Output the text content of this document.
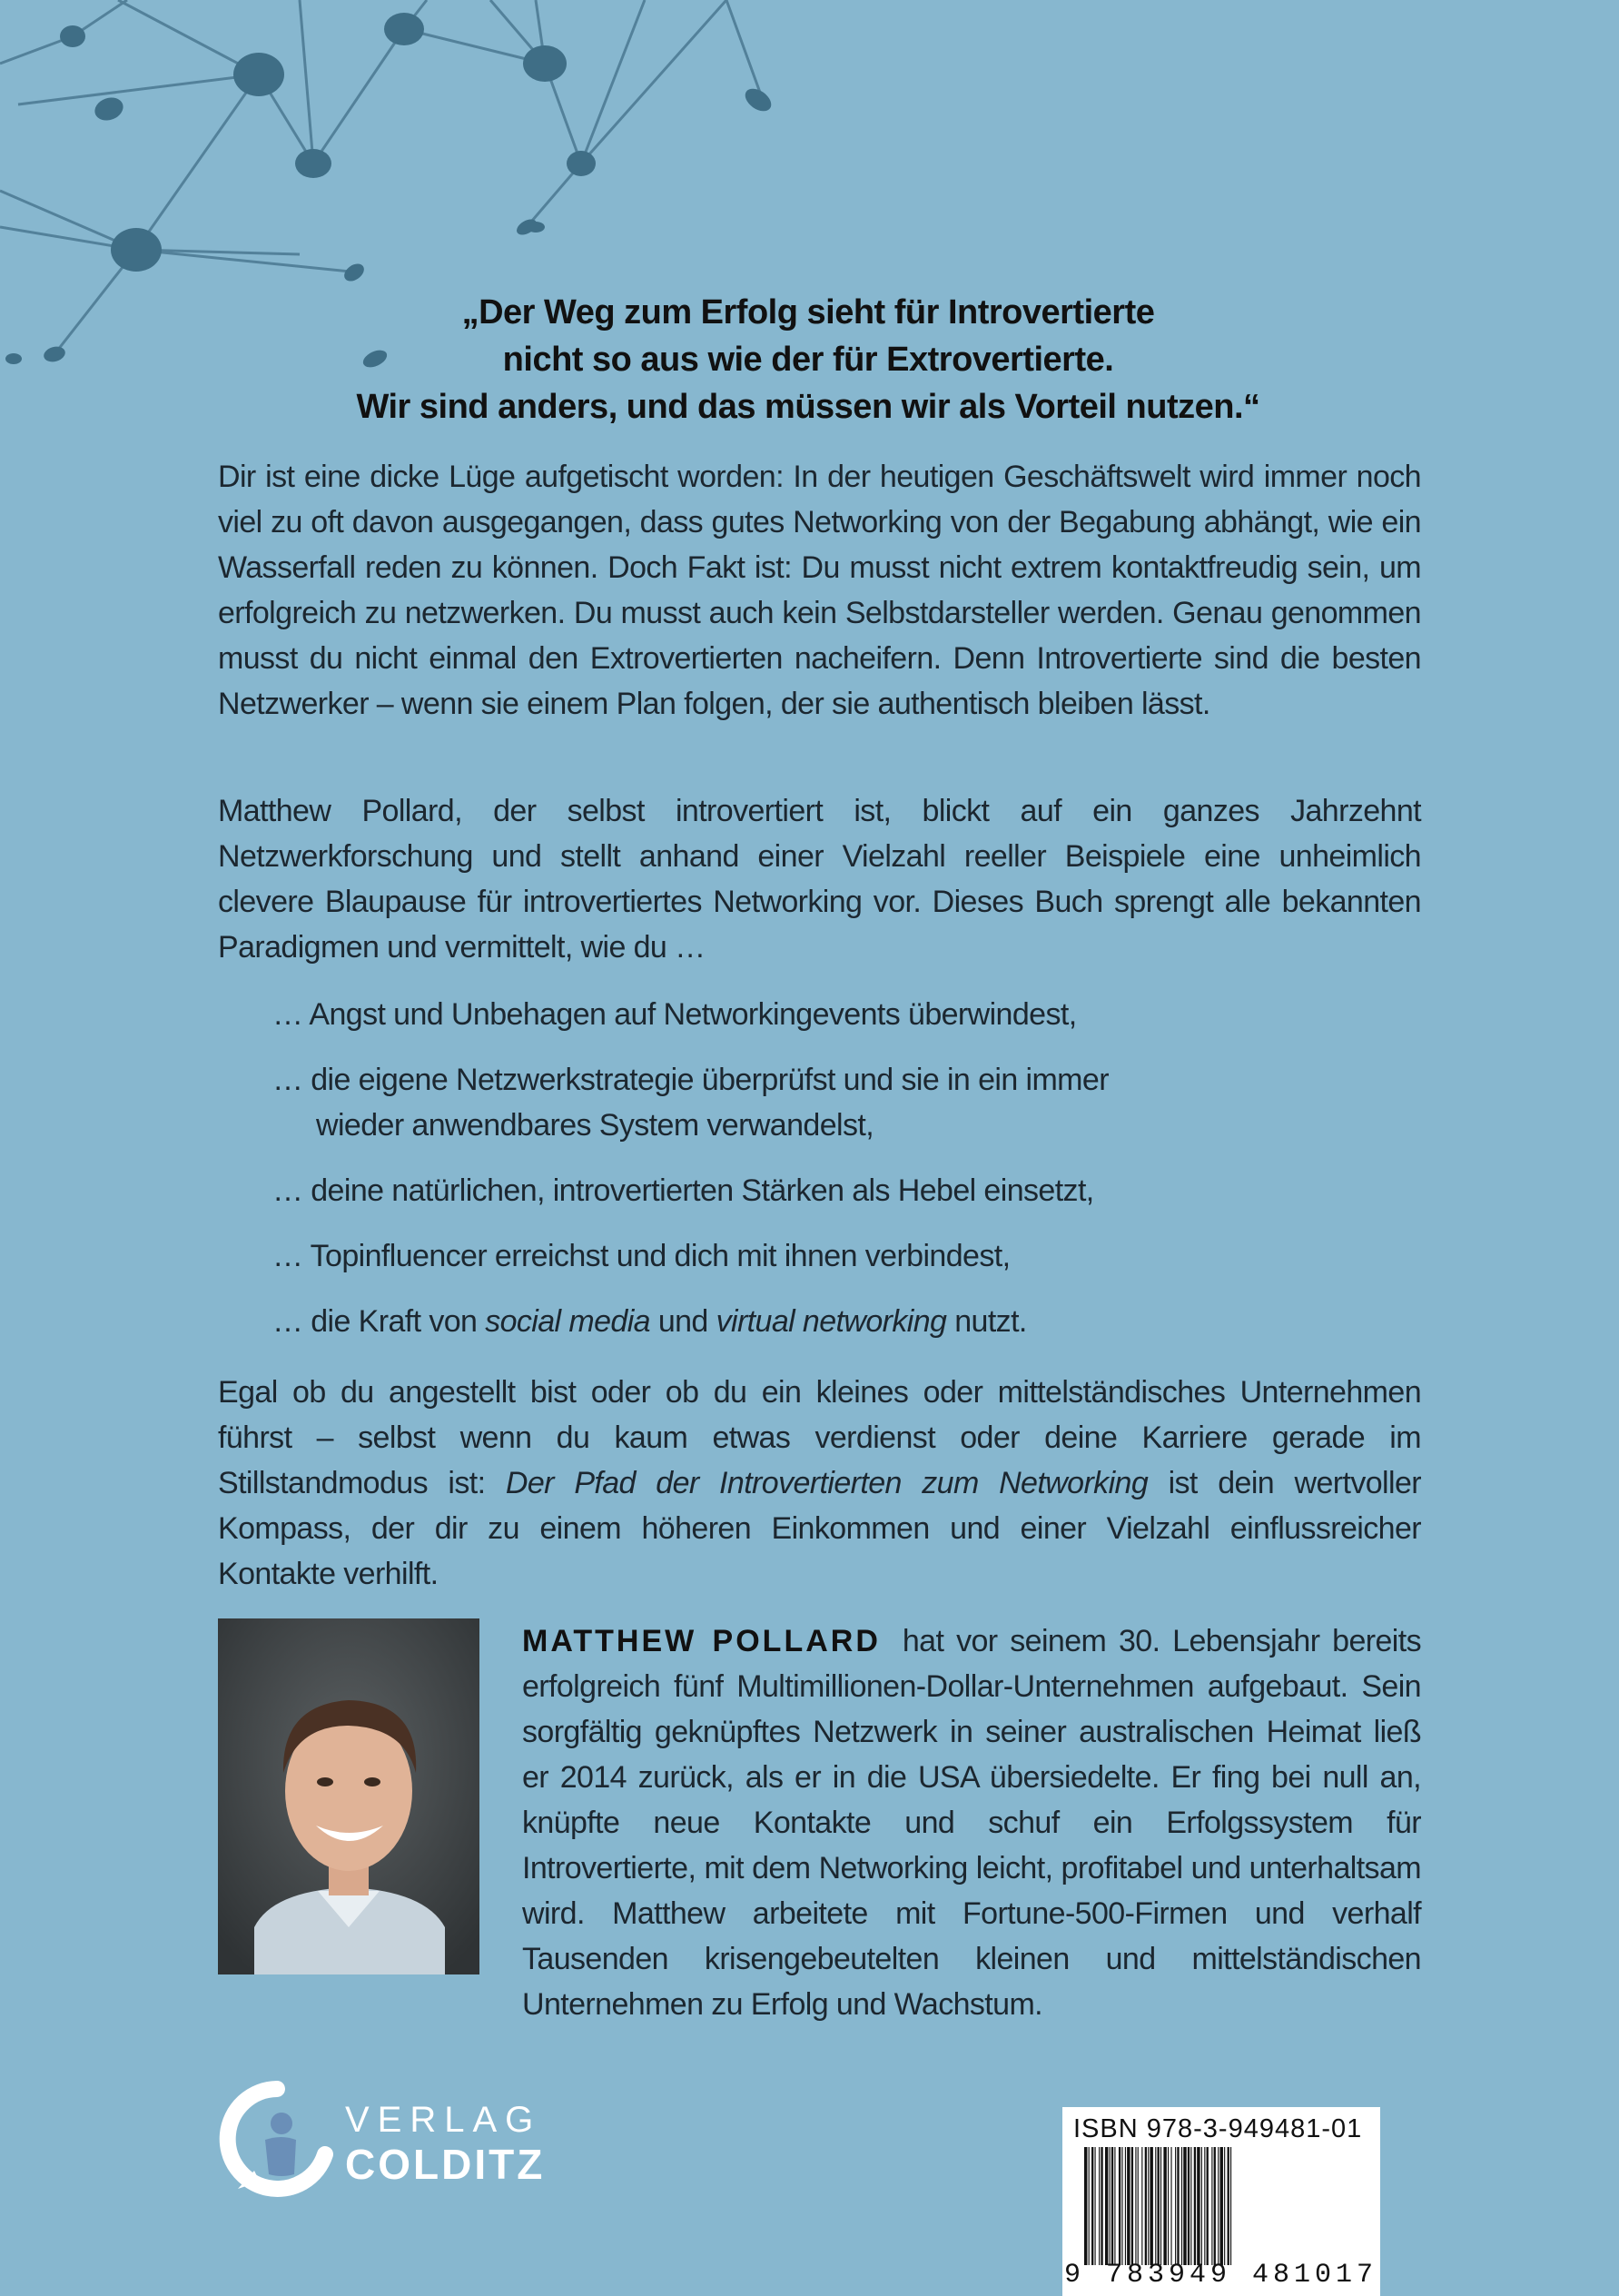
„Der Weg zum Erfolg sieht für Introvertierte
nicht so aus wie der für Extrovertierte.
Wir sind anders, und das müssen wir als Vorteil nutzen.“
Dir ist eine dicke Lüge aufgetischt worden: In der heutigen Geschäftswelt wird immer noch viel zu oft davon ausgegangen, dass gutes Networking von der Begabung abhängt, wie ein Wasserfall reden zu können. Doch Fakt ist: Du musst nicht extrem kontaktfreudig sein, um erfolgreich zu netzwerken. Du musst auch kein Selbstdarsteller werden. Genau genommen musst du nicht einmal den Extrovertierten nacheifern. Denn Introvertierte sind die besten Netzwerker – wenn sie einem Plan folgen, der sie authentisch bleiben lässt.
Matthew Pollard, der selbst introvertiert ist, blickt auf ein ganzes Jahrzehnt Netzwerkforschung und stellt anhand einer Vielzahl reeller Beispiele eine unheimlich clevere Blaupause für introvertiertes Networking vor. Dieses Buch sprengt alle bekannten Paradigmen und vermittelt, wie du …
… Angst und Unbehagen auf Networkingevents überwindest,
… die eigene Netzwerkstrategie überprüfst und sie in ein immer
wieder anwendbares System verwandelst,
… deine natürlichen, introvertierten Stärken als Hebel einsetzt,
… Topinfluencer erreichst und dich mit ihnen verbindest,
… die Kraft von social media und virtual networking nutzt.
Egal ob du angestellt bist oder ob du ein kleines oder mittelständisches Unternehmen führst – selbst wenn du kaum etwas verdienst oder deine Karriere gerade im Stillstandmodus ist: Der Pfad der Introvertierten zum Networking ist dein wertvoller Kompass, der dir zu einem höheren Einkommen und einer Vielzahl einflussreicher Kontakte verhilft.
MATTHEW POLLARD hat vor seinem 30. Lebensjahr bereits erfolgreich fünf Multimillionen-Dollar-Unternehmen aufgebaut. Sein sorgfältig geknüpftes Netzwerk in seiner australischen Heimat ließ er 2014 zurück, als er in die USA übersiedelte. Er fing bei null an, knüpfte neue Kontakte und schuf ein Erfolgssystem für Introvertierte, mit dem Networking leicht, profitabel und unterhaltsam wird. Matthew arbeitete mit Fortune-500-Firmen und verhalf Tausenden krisengebeutelten kleinen und mittelständischen Unternehmen zu Erfolg und Wachstum.
VERLAG
COLDITZ
ISBN 978-3-949481-01
9 783949 481017
